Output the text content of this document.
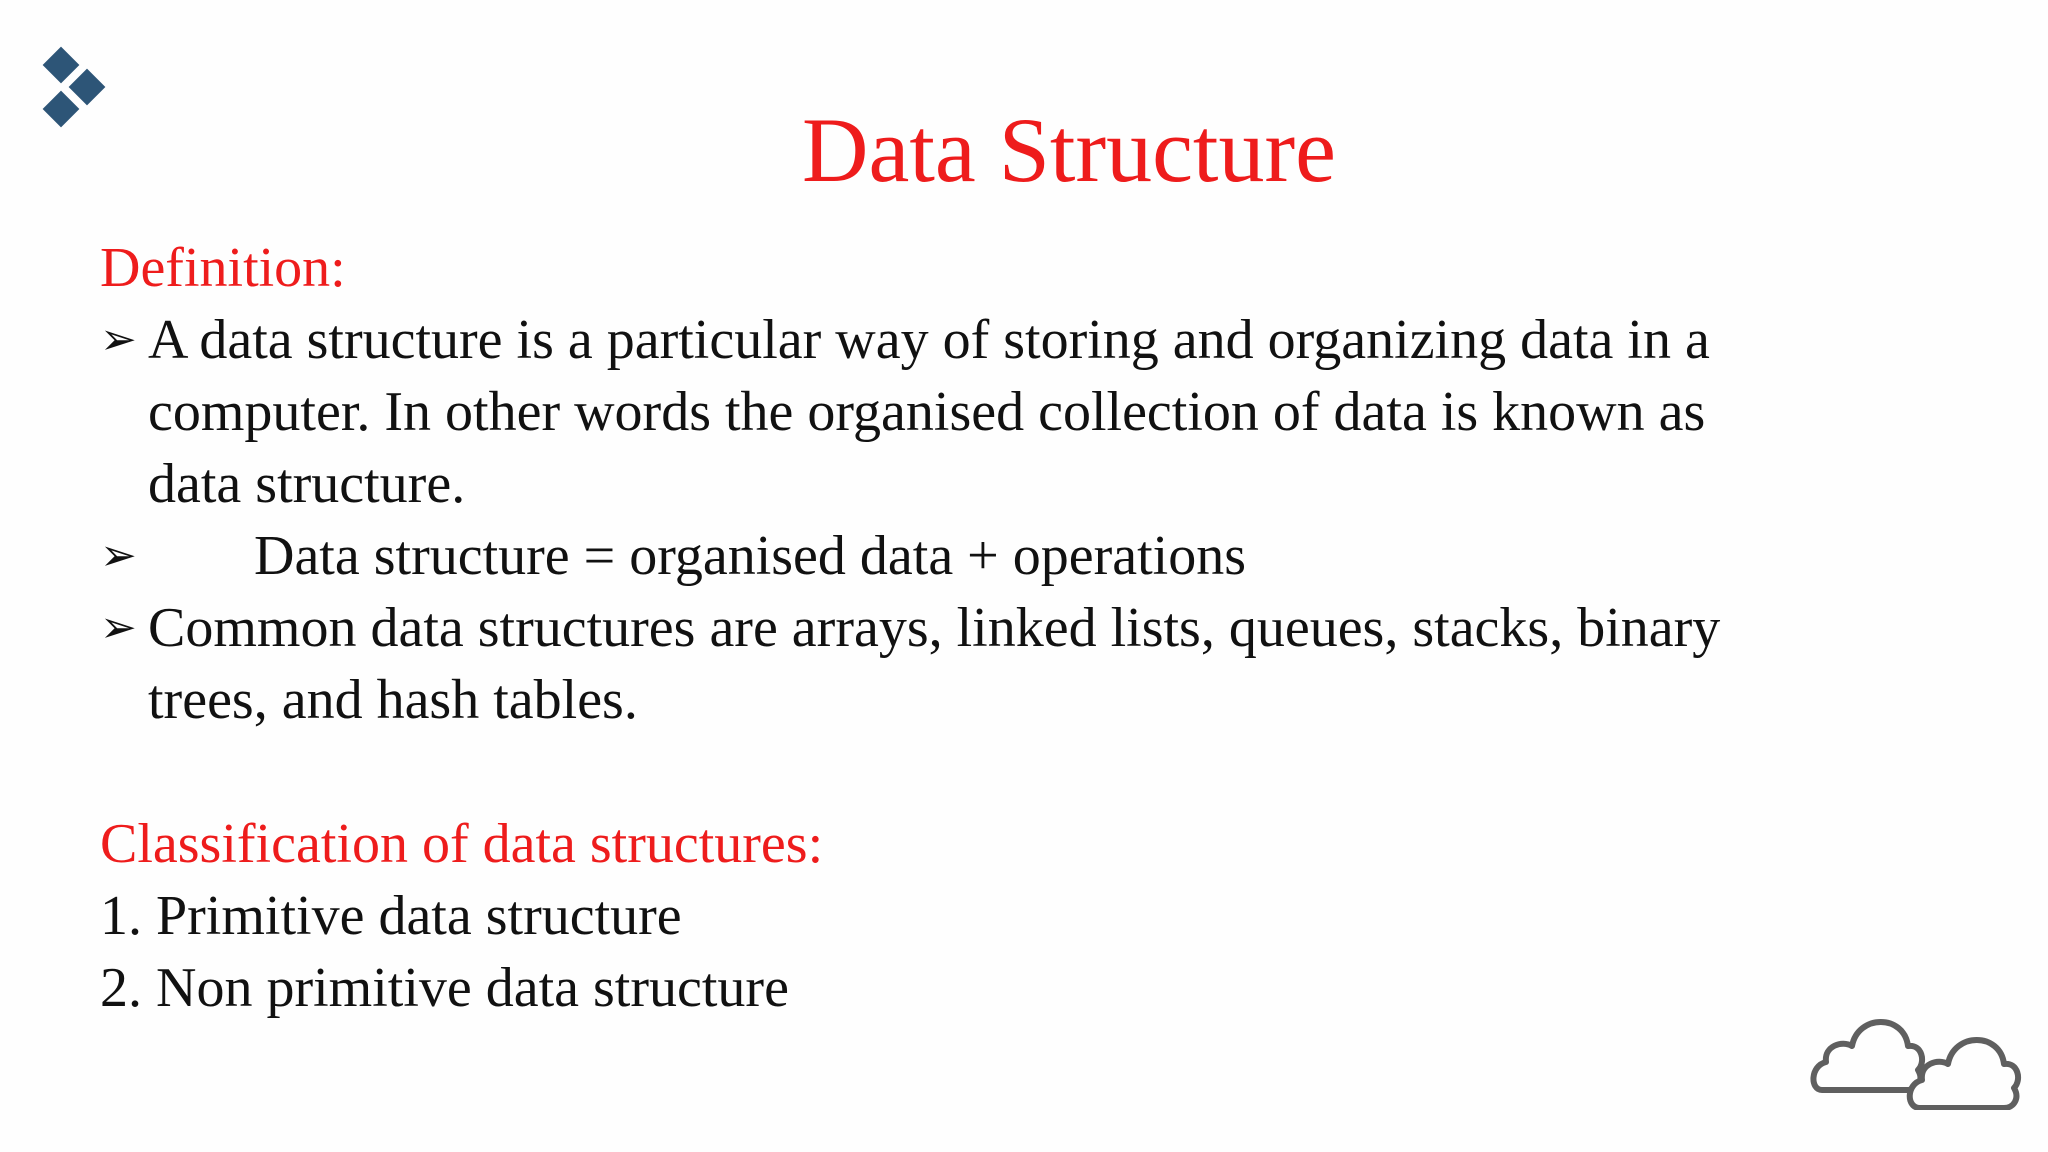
Data Structure
Definition:
➢ A data structure is a particular way of storing and organizing data in a
computer. In other words the organised collection of data is known as
data structure.
➢	Data structure = organised data + operations
➢ Common data structures are arrays, linked lists, queues, stacks, binary
trees, and hash tables.
Classification of data structures:
1. Primitive data structure
2. Non primitive data structure
